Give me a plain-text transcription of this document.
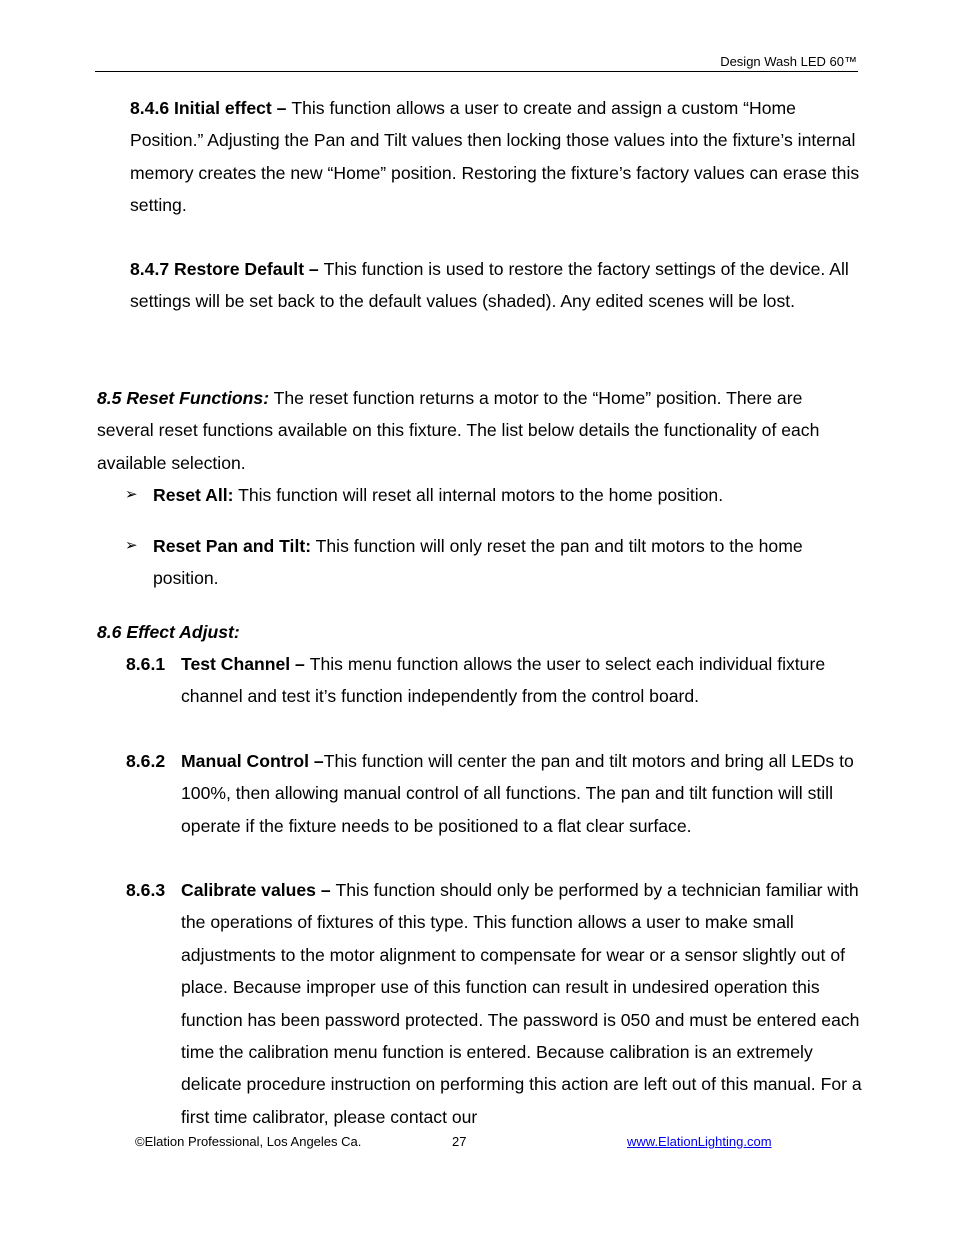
Design Wash LED 60™

8.4.6 Initial effect – This function allows a user to create and assign a custom “Home Position.” Adjusting the Pan and Tilt values then locking those values into the fixture’s internal memory creates the new “Home” position. Restoring the fixture’s factory values can erase this setting.

8.4.7 Restore Default – This function is used to restore the factory settings of the device. All settings will be set back to the default values (shaded). Any edited scenes will be lost.

8.5 Reset Functions: The reset function returns a motor to the “Home” position. There are several reset functions available on this fixture. The list below details the functionality of each available selection.

➢ Reset All: This function will reset all internal motors to the home position.
➢ Reset Pan and Tilt: This function will only reset the pan and tilt motors to the home position.

8.6 Effect Adjust:

8.6.1 Test Channel – This menu function allows the user to select each individual fixture channel and test it’s function independently from the control board.

8.6.2 Manual Control –This function will center the pan and tilt motors and bring all LEDs to 100%, then allowing manual control of all functions. The pan and tilt function will still operate if the fixture needs to be positioned to a flat clear surface.

8.6.3 Calibrate values – This function should only be performed by a technician familiar with the operations of fixtures of this type. This function allows a user to make small adjustments to the motor alignment to compensate for wear or a sensor slightly out of place. Because improper use of this function can result in undesired operation this function has been password protected. The password is 050 and must be entered each time the calibration menu function is entered. Because calibration is an extremely delicate procedure instruction on performing this action are left out of this manual. For a first time calibrator, please contact our

©Elation Professional, Los Angeles Ca.	27	www.ElationLighting.com
